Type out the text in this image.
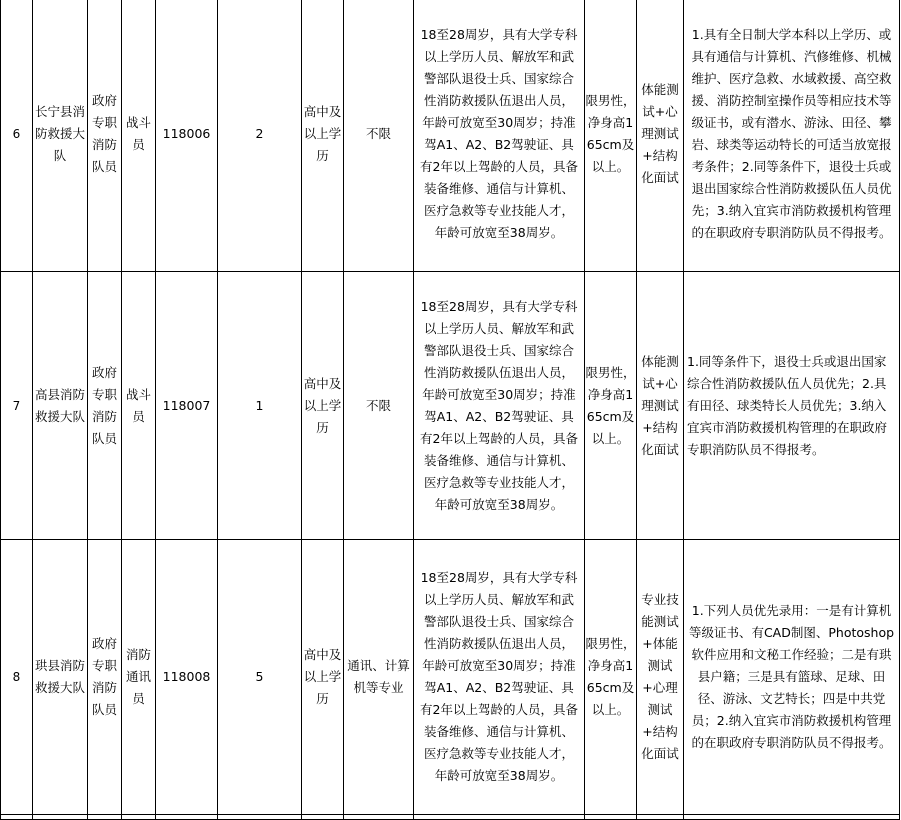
6	长宁县消防救援大队	政府专职消防队员	战斗员	118006	2	高中及以上学历	不限	18至28周岁，具有大学专科以上学历人员、解放军和武警部队退役士兵、国家综合性消防救援队伍退出人员，年龄可放宽至30周岁；持准驾A1、A2、B2驾驶证、具有2年以上驾龄的人员，具备装备维修、通信与计算机、医疗急救等专业技能人才，年龄可放宽至38周岁。	限男性，净身高165cm及以上。	体能测试+心理测试+结构化面试	1.具有全日制大学本科以上学历、或具有通信与计算机、汽修维修、机械维护、医疗急救、水域救援、高空救援、消防控制室操作员等相应技术等级证书，或有潜水、游泳、田径、攀岩、球类等运动特长的可适当放宽报考条件；2.同等条件下，退役士兵或退出国家综合性消防救援队伍人员优先；3.纳入宜宾市消防救援机构管理的在职政府专职消防队员不得报考。
7	高县消防救援大队	政府专职消防队员	战斗员	118007	1	高中及以上学历	不限	18至28周岁，具有大学专科以上学历人员、解放军和武警部队退役士兵、国家综合性消防救援队伍退出人员，年龄可放宽至30周岁；持准驾A1、A2、B2驾驶证、具有2年以上驾龄的人员，具备装备维修、通信与计算机、医疗急救等专业技能人才，年龄可放宽至38周岁。	限男性，净身高165cm及以上。	体能测试+心理测试+结构化面试	1.同等条件下，退役士兵或退出国家综合性消防救援队伍人员优先；2.具有田径、球类特长人员优先；3.纳入宜宾市消防救援机构管理的在职政府专职消防队员不得报考。
8	珙县消防救援大队	政府专职消防队员	消防通讯员	118008	5	高中及以上学历	通讯、计算机等专业	18至28周岁，具有大学专科以上学历人员、解放军和武警部队退役士兵、国家综合性消防救援队伍退出人员，年龄可放宽至30周岁；持准驾A1、A2、B2驾驶证、具有2年以上驾龄的人员，具备装备维修、通信与计算机、医疗急救等专业技能人才，年龄可放宽至38周岁。	限男性，净身高165cm及以上。	专业技能测试+体能测试+心理测试+结构化面试	1.下列人员优先录用：一是有计算机等级证书、有CAD制图、Photoshop软件应用和文秘工作经验；二是有珙县户籍；三是具有篮球、足球、田径、游泳、文艺特长；四是中共党员；2.纳入宜宾市消防救援机构管理的在职政府专职消防队员不得报考。
